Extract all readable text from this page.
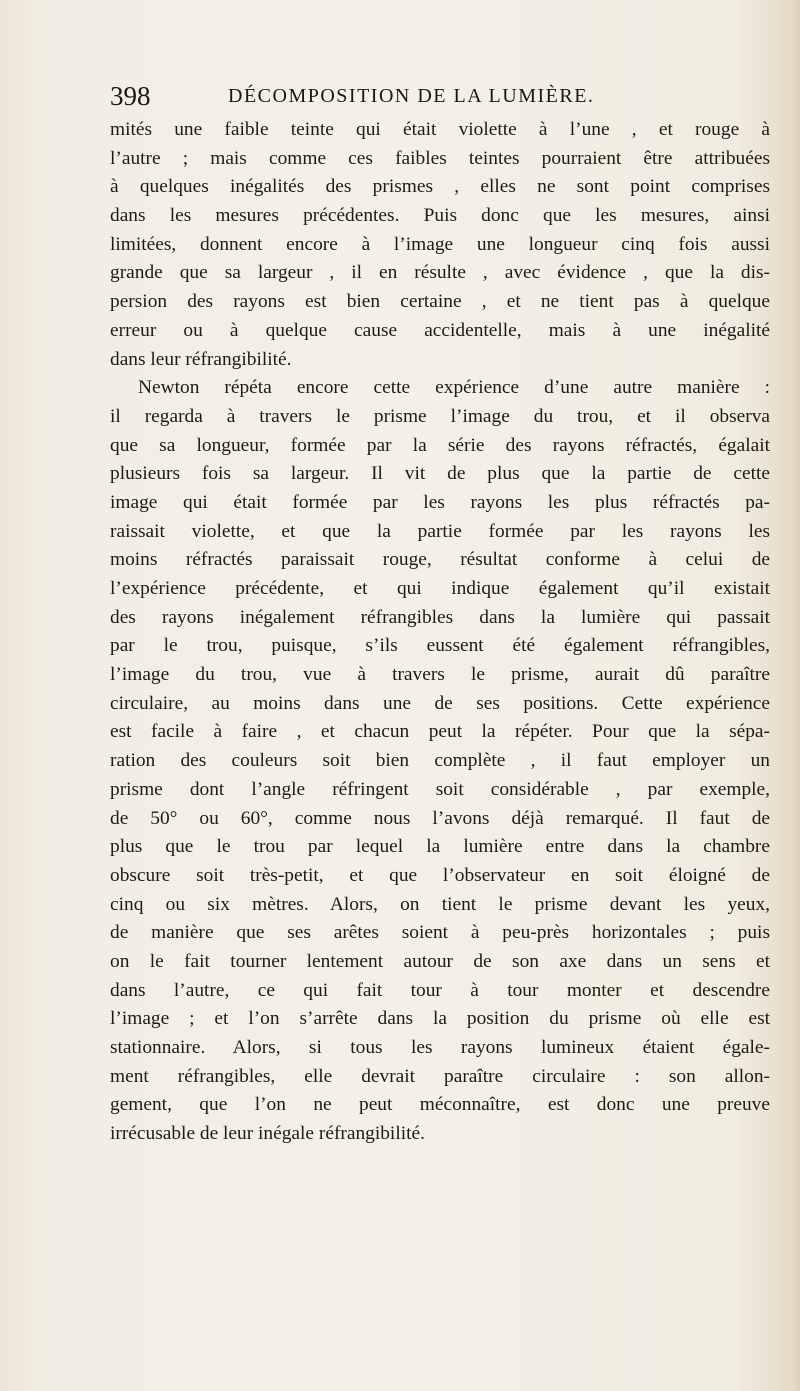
398	DÉCOMPOSITION DE LA LUMIÈRE.
mités une faible teinte qui était violette à l’une , et rouge à
l’autre ; mais comme ces faibles teintes pourraient être attribuées
à quelques inégalités des prismes , elles ne sont point comprises
dans les mesures précédentes. Puis donc que les mesures, ainsi
limitées, donnent encore à l’image une longueur cinq fois aussi
grande que sa largeur , il en résulte , avec évidence , que la dis-
persion des rayons est bien certaine , et ne tient pas à quelque
erreur ou à quelque cause accidentelle, mais à une inégalité
dans leur réfrangibilité.
Newton répéta encore cette expérience d’une autre manière :
il regarda à travers le prisme l’image du trou, et il observa
que sa longueur, formée par la série des rayons réfractés, égalait
plusieurs fois sa largeur. Il vit de plus que la partie de cette
image qui était formée par les rayons les plus réfractés pa-
raissait violette, et que la partie formée par les rayons les
moins réfractés paraissait rouge, résultat conforme à celui de
l’expérience précédente, et qui indique également qu’il existait
des rayons inégalement réfrangibles dans la lumière qui passait
par le trou, puisque, s’ils eussent été également réfrangibles,
l’image du trou, vue à travers le prisme, aurait dû paraître
circulaire, au moins dans une de ses positions. Cette expérience
est facile à faire , et chacun peut la répéter. Pour que la sépa-
ration des couleurs soit bien complète , il faut employer un
prisme dont l’angle réfringent soit considérable , par exemple,
de 50° ou 60°, comme nous l’avons déjà remarqué. Il faut de
plus que le trou par lequel la lumière entre dans la chambre
obscure soit très-petit, et que l’observateur en soit éloigné de
cinq ou six mètres. Alors, on tient le prisme devant les yeux,
de manière que ses arêtes soient à peu-près horizontales ; puis
on le fait tourner lentement autour de son axe dans un sens et
dans l’autre, ce qui fait tour à tour monter et descendre
l’image ; et l’on s’arrête dans la position du prisme où elle est
stationnaire. Alors, si tous les rayons lumineux étaient égale-
ment réfrangibles, elle devrait paraître circulaire : son allon-
gement, que l’on ne peut méconnaître, est donc une preuve
irrécusable de leur inégale réfrangibilité.
